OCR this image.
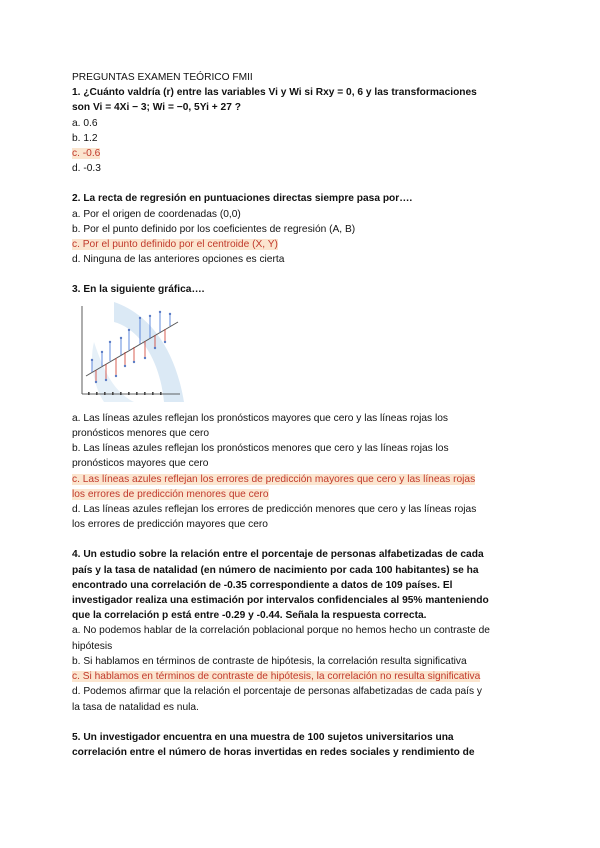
PREGUNTAS EXAMEN TEÓRICO FMII
1. ¿Cuánto valdría (r) entre las variables Vi y Wi si Rxy = 0, 6 y las transformaciones
son Vi = 4Xi − 3; Wi = −0, 5Yi + 27 ?
a. 0.6
b. 1.2
c. -0.6
d. -0.3
2. La recta de regresión en puntuaciones directas siempre pasa por….
a. Por el origen de coordenadas (0,0)
b. Por el punto definido por los coeficientes de regresión (A, B)
c. Por el punto definido por el centroide (X, Y)
d. Ninguna de las anteriores opciones es cierta
3. En la siguiente gráfica….
a. Las líneas azules reflejan los pronósticos mayores que cero y las líneas rojas los
pronósticos menores que cero
b. Las líneas azules reflejan los pronósticos menores que cero y las líneas rojas los
pronósticos mayores que cero
c. Las líneas azules reflejan los errores de predicción mayores que cero y las líneas rojas
los errores de predicción menores que cero
d. Las líneas azules reflejan los errores de predicción menores que cero y las líneas rojas
los errores de predicción mayores que cero
4. Un estudio sobre la relación entre el porcentaje de personas alfabetizadas de cada
país y la tasa de natalidad (en número de nacimiento por cada 100 habitantes) se ha
encontrado una correlación de -0.35 correspondiente a datos de 109 países. El
investigador realiza una estimación por intervalos confidenciales al 95% manteniendo
que la correlación p está entre -0.29 y -0.44. Señala la respuesta correcta.
a. No podemos hablar de la correlación poblacional porque no hemos hecho un contraste de
hipótesis
b. Si hablamos en términos de contraste de hipótesis, la correlación resulta significativa
c. Si hablamos en términos de contraste de hipótesis, la correlación no resulta significativa
d. Podemos afirmar que la relación el porcentaje de personas alfabetizadas de cada país y
la tasa de natalidad es nula.
5. Un investigador encuentra en una muestra de 100 sujetos universitarios una
correlación entre el número de horas invertidas en redes sociales y rendimiento de
